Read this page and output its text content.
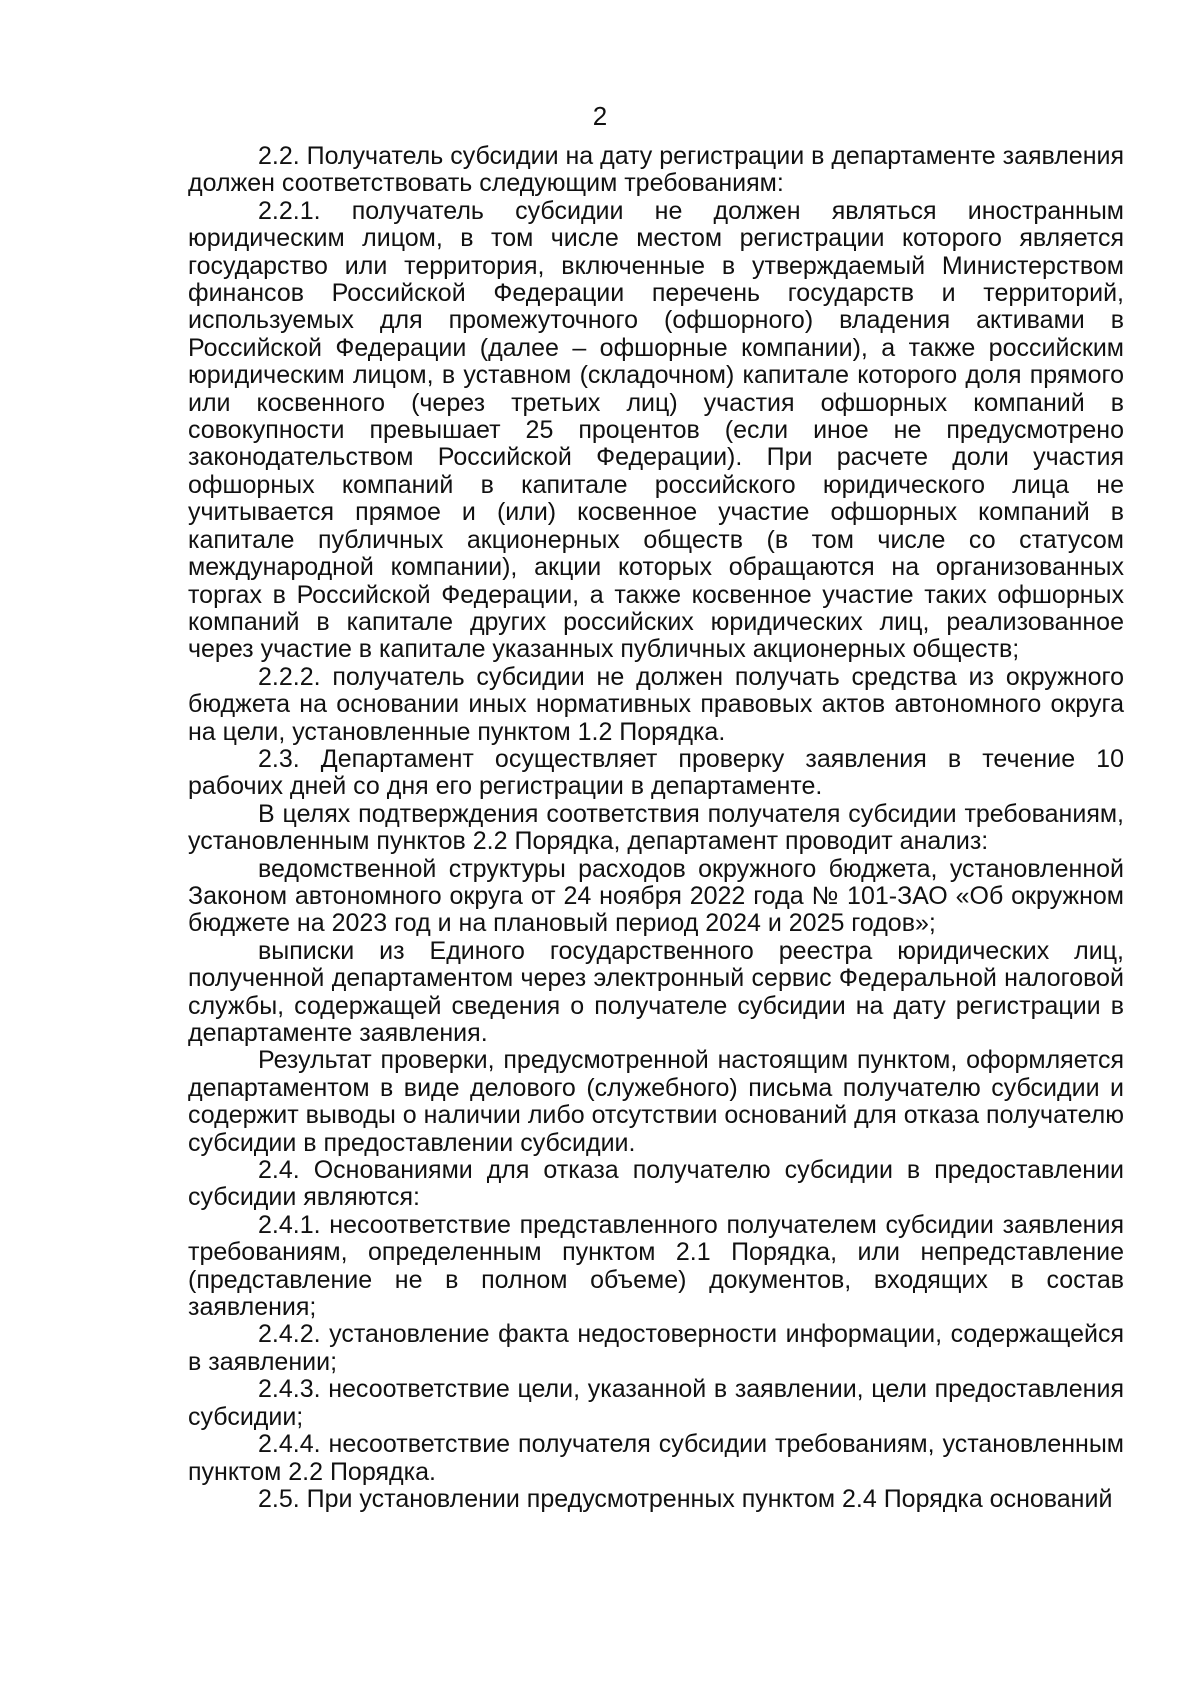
2

2.2. Получатель субсидии на дату регистрации в департаменте заявления должен соответствовать следующим требованиям:

2.2.1. получатель субсидии не должен являться иностранным юридическим лицом, в том числе местом регистрации которого является государство или территория, включенные в утверждаемый Министерством финансов Российской Федерации перечень государств и территорий, используемых для промежуточного (офшорного) владения активами в Российской Федерации (далее – офшорные компании), а также российским юридическим лицом, в уставном (складочном) капитале которого доля прямого или косвенного (через третьих лиц) участия офшорных компаний в совокупности превышает 25 процентов (если иное не предусмотрено законодательством Российской Федерации). При расчете доли участия офшорных компаний в капитале российского юридического лица не учитывается прямое и (или) косвенное участие офшорных компаний в капитале публичных акционерных обществ (в том числе со статусом международной компании), акции которых обращаются на организованных торгах в Российской Федерации, а также косвенное участие таких офшорных компаний в капитале других российских юридических лиц, реализованное через участие в капитале указанных публичных акционерных обществ;

2.2.2. получатель субсидии не должен получать средства из окружного бюджета на основании иных нормативных правовых актов автономного округа на цели, установленные пунктом 1.2 Порядка.

2.3. Департамент осуществляет проверку заявления в течение 10 рабочих дней со дня его регистрации в департаменте.

В целях подтверждения соответствия получателя субсидии требованиям, установленным пунктов 2.2 Порядка, департамент проводит анализ:

ведомственной структуры расходов окружного бюджета, установленной Законом автономного округа от 24 ноября 2022 года № 101-ЗАО «Об окружном бюджете на 2023 год и на плановый период 2024 и 2025 годов»;

выписки из Единого государственного реестра юридических лиц, полученной департаментом через электронный сервис Федеральной налоговой службы, содержащей сведения о получателе субсидии на дату регистрации в департаменте заявления.

Результат проверки, предусмотренной настоящим пунктом, оформляется департаментом в виде делового (служебного) письма получателю субсидии и содержит выводы о наличии либо отсутствии оснований для отказа получателю субсидии в предоставлении субсидии.

2.4. Основаниями для отказа получателю субсидии в предоставлении субсидии являются:

2.4.1. несоответствие представленного получателем субсидии заявления требованиям, определенным пунктом 2.1 Порядка, или непредставление (представление не в полном объеме) документов, входящих в состав заявления;

2.4.2. установление факта недостоверности информации, содержащейся в заявлении;

2.4.3. несоответствие цели, указанной в заявлении, цели предоставления субсидии;

2.4.4. несоответствие получателя субсидии требованиям, установленным пунктом 2.2 Порядка.

2.5. При установлении предусмотренных пунктом 2.4 Порядка оснований
